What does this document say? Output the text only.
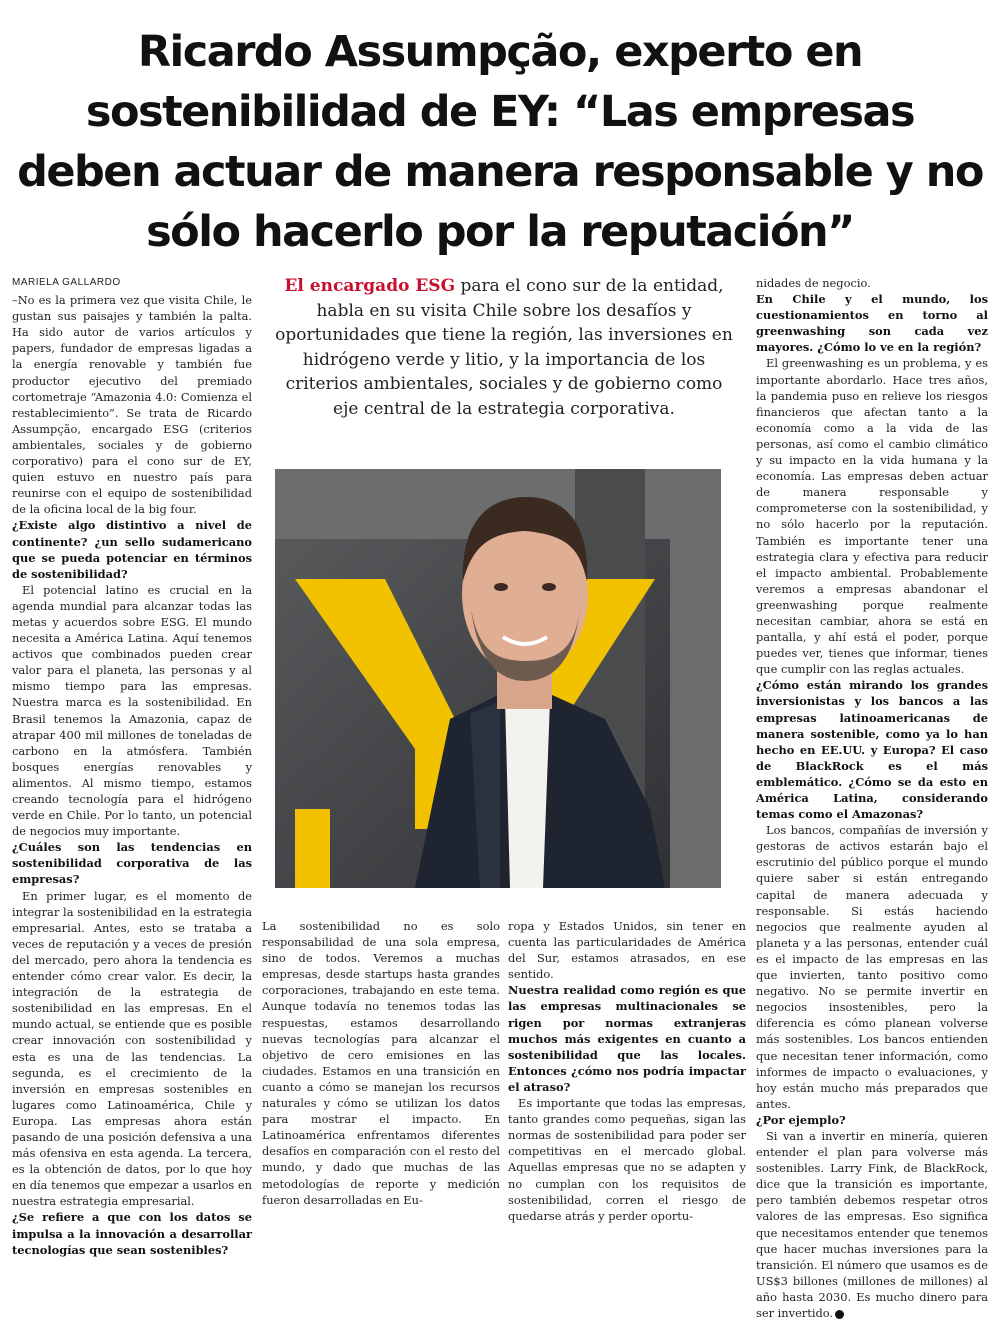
Ricardo Assumpção, experto en sostenibilidad de EY: “Las empresas deben actuar de manera responsable y no sólo hacerlo por la reputación”
MARIELA GALLARDO

–No es la primera vez que visita Chile, le gustan sus paisajes y también la palta. Ha sido autor de varios artículos y papers, fundador de empresas ligadas a la energía renovable y también fue productor ejecutivo del premiado cortometraje “Amazonia 4.0: Comienza el restablecimiento”. Se trata de Ricardo Assumpção, encargado ESG (criterios ambientales, sociales y de gobierno corporativo) para el cono sur de EY, quien estuvo en nuestro país para reunirse con el equipo de sostenibilidad de la oficina local de la big four.

¿Existe algo distintivo a nivel de continente? ¿un sello sudamericano que se pueda potenciar en términos de sostenibilidad?

El potencial latino es crucial en la agenda mundial para alcanzar todas las metas y acuerdos sobre ESG. El mundo necesita a América Latina. Aquí tenemos activos que combinados pueden crear valor para el planeta, las personas y al mismo tiempo para las empresas. Nuestra marca es la sostenibilidad. En Brasil tenemos la Amazonia, capaz de atrapar 400 mil millones de toneladas de carbono en la atmósfera. También bosques energías renovables y alimentos. Al mismo tiempo, estamos creando tecnología para el hidrógeno verde en Chile. Por lo tanto, un potencial de negocios muy importante.

¿Cuáles son las tendencias en sostenibilidad corporativa de las empresas?

En primer lugar, es el momento de integrar la sostenibilidad en la estrategia empresarial. Antes, esto se trataba a veces de reputación y a veces de presión del mercado, pero ahora la tendencia es entender cómo crear valor. Es decir, la integración de la estrategia de sostenibilidad en las empresas. En el mundo actual, se entiende que es posible crear innovación con sostenibilidad y esta es una de las tendencias. La segunda, es el crecimiento de la inversión en empresas sostenibles en lugares como Latinoamérica, Chile y Europa. Las empresas ahora están pasando de una posición defensiva a una más ofensiva en esta agenda. La tercera, es la obtención de datos, por lo que hoy en día tenemos que empezar a usarlos en nuestra estrategia empresarial.

¿Se refiere a que con los datos se impulsa a la innovación a desarrollar tecnologías que sean sostenibles?

El encargado ESG para el cono sur de la entidad, habla en su visita Chile sobre los desafíos y oportunidades que tiene la región, las inversiones en hidrógeno verde y litio, y la importancia de los criterios ambientales, sociales y de gobierno como eje central de la estrategia corporativa.

La sostenibilidad no es solo responsabilidad de una sola empresa, sino de todos. Veremos a muchas empresas, desde startups hasta grandes corporaciones, trabajando en este tema. Aunque todavía no tenemos todas las respuestas, estamos desarrollando nuevas tecnologías para alcanzar el objetivo de cero emisiones en las ciudades. Estamos en una transición en cuanto a cómo se manejan los recursos naturales y cómo se utilizan los datos para mostrar el impacto. En Latinoamérica enfrentamos diferentes desafíos en comparación con el resto del mundo, y dado que muchas de las metodologías de reporte y medición fueron desarrolladas en Eu-

ropa y Estados Unidos, sin tener en cuenta las particularidades de América del Sur, estamos atrasados, en ese sentido.

Nuestra realidad como región es que las empresas multinacionales se rigen por normas extranjeras muchos más exigentes en cuanto a sostenibilidad que las locales. Entonces ¿cómo nos podría impactar el atraso?

Es importante que todas las empresas, tanto grandes como pequeñas, sigan las normas de sostenibilidad para poder ser competitivas en el mercado global. Aquellas empresas que no se adapten y no cumplan con los requisitos de sostenibilidad, corren el riesgo de quedarse atrás y perder oportu-

nidades de negocio.

En Chile y el mundo, los cuestionamientos en torno al greenwashing son cada vez mayores. ¿Cómo lo ve en la región?

El greenwashing es un problema, y es importante abordarlo. Hace tres años, la pandemia puso en relieve los riesgos financieros que afectan tanto a la economía como a la vida de las personas, así como el cambio climático y su impacto en la vida humana y la economía. Las empresas deben actuar de manera responsable y comprometerse con la sostenibilidad, y no sólo hacerlo por la reputación. También es importante tener una estrategia clara y efectiva para reducir el impacto ambiental. Probablemente veremos a empresas abandonar el greenwashing porque realmente necesitan cambiar, ahora se está en pantalla, y ahí está el poder, porque puedes ver, tienes que informar, tienes que cumplir con las reglas actuales.

¿Cómo están mirando los grandes inversionistas y los bancos a las empresas latinoamericanas de manera sostenible, como ya lo han hecho en EE.UU. y Europa? El caso de BlackRock es el más emblemático. ¿Cómo se da esto en América Latina, considerando temas como el Amazonas?

Los bancos, compañías de inversión y gestoras de activos estarán bajo el escrutinio del público porque el mundo quiere saber si están entregando capital de manera adecuada y responsable. Si estás haciendo negocios que realmente ayuden al planeta y a las personas, entender cuál es el impacto de las empresas en las que invierten, tanto positivo como negativo. No se permite invertir en negocios insostenibles, pero la diferencia es cómo planean volverse más sostenibles. Los bancos entienden que necesitan tener información, como informes de impacto o evaluaciones, y hoy están mucho más preparados que antes.

¿Por ejemplo?

Si van a invertir en minería, quieren entender el plan para volverse más sostenibles. Larry Fink, de BlackRock, dice que la transición es importante, pero también debemos respetar otros valores de las empresas. Eso significa que necesitamos entender que tenemos que hacer muchas inversiones para la transición. El número que usamos es de US$3 billones (millones de millones) al año hasta 2030. Es mucho dinero para ser invertido.
